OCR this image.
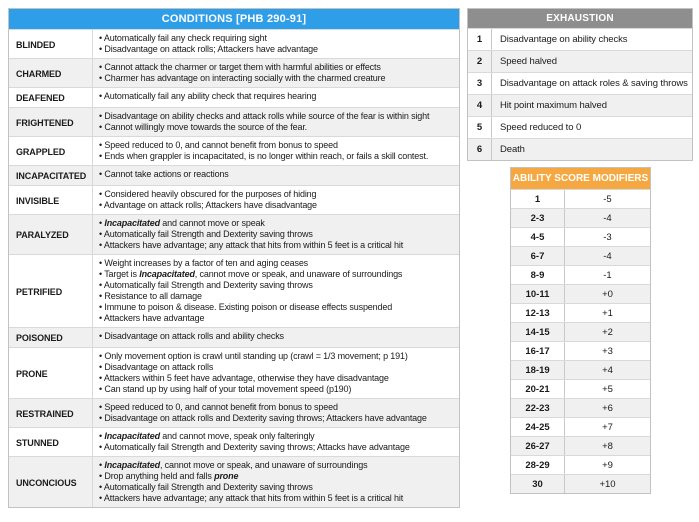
CONDITIONS [PHB 290-91]
BLINDED
• Automatically fail any check requiring sight
• Disadvantage on attack rolls; Attackers have advantage
CHARMED
• Cannot attack the charmer or target them with harmful abilities or effects
• Charmer has advantage on interacting socially with the charmed creature
DEAFENED	• Automatically fail any ability check that requires hearing
FRIGHTENED
• Disadvantage on ability checks and attack rolls while source of the fear is within sight
• Cannot willingly move towards the source of the fear.
GRAPPLED
• Speed reduced to 0, and cannot benefit from bonus to speed
• Ends when grappler is incapacitated, is no longer within reach, or fails a skill contest.
INCAPACITATED	• Cannot take actions or reactions
INVISIBLE
• Considered heavily obscured for the purposes of hiding
• Advantage on attack rolls; Attackers have disadvantage
PARALYZED
• Incapacitated and cannot move or speak
• Automatically fail Strength and Dexterity saving throws
• Attackers have advantage; any attack that hits from within 5 feet is a critical hit
PETRIFIED
• Weight increases by a factor of ten and aging ceases
• Target is Incapacitated, cannot move or speak, and unaware of surroundings
• Automatically fail Strength and Dexterity saving throws
• Resistance to all damage
• Immune to poison & disease. Existing poison or disease effects suspended
• Attackers have advantage
POISONED	• Disadvantage on attack rolls and ability checks
PRONE
• Only movement option is crawl until standing up (crawl = 1/3 movement; p 191)
• Disadvantage on attack rolls
• Attackers within 5 feet have advantage, otherwise they have disadvantage
• Can stand up by using half of your total movement speed (p190)
RESTRAINED
• Speed reduced to 0, and cannot benefit from bonus to speed
• Disadvantage on attack rolls and Dexterity saving throws; Attackers have advantage
STUNNED
• Incapacitated and cannot move, speak only falteringly
• Automatically fail Strength and Dexterity saving throws; Attacks have advantage
UNCONCIOUS
• Incapacitated, cannot move or speak, and unaware of surroundings
• Drop anything held and falls prone
• Automatically fail Strength and Dexterity saving throws
• Attackers have advantage; any attack that hits from within 5 feet is a critical hit
EXHAUSTION
1	Disadvantage on ability checks
2	Speed halved
3	Disadvantage on attack roles & saving throws
4	Hit point maximum halved
5	Speed reduced to 0
6	Death
ABILITY SCORE MODIFIERS
1	-5
2-3	-4
4-5	-3
6-7	-4
8-9	-1
10-11	+0
12-13	+1
14-15	+2
16-17	+3
18-19	+4
20-21	+5
22-23	+6
24-25	+7
26-27	+8
28-29	+9
30	+10
